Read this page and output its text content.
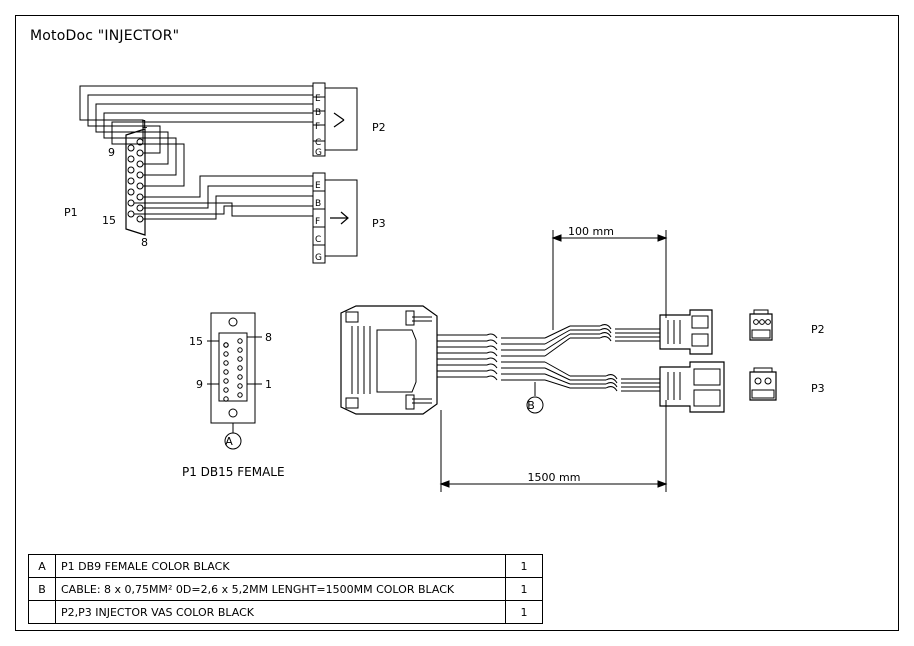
MotoDoc "INJECTOR"
P1
P2
P3
1
9
15
8
E
B
F
C
G
E
B
F
C
G
15	8
9	1
A
P1 DB15 FEMALE
100 mm
1500 mm
B
P2
P3
A	P1 DB9 FEMALE COLOR BLACK	1
B	CABLE: 8 x 0,75MM² 0D=2,6 x 5,2MM LENGHT=1500MM COLOR BLACK	1
	P2,P3 INJECTOR VAS COLOR BLACK	1
